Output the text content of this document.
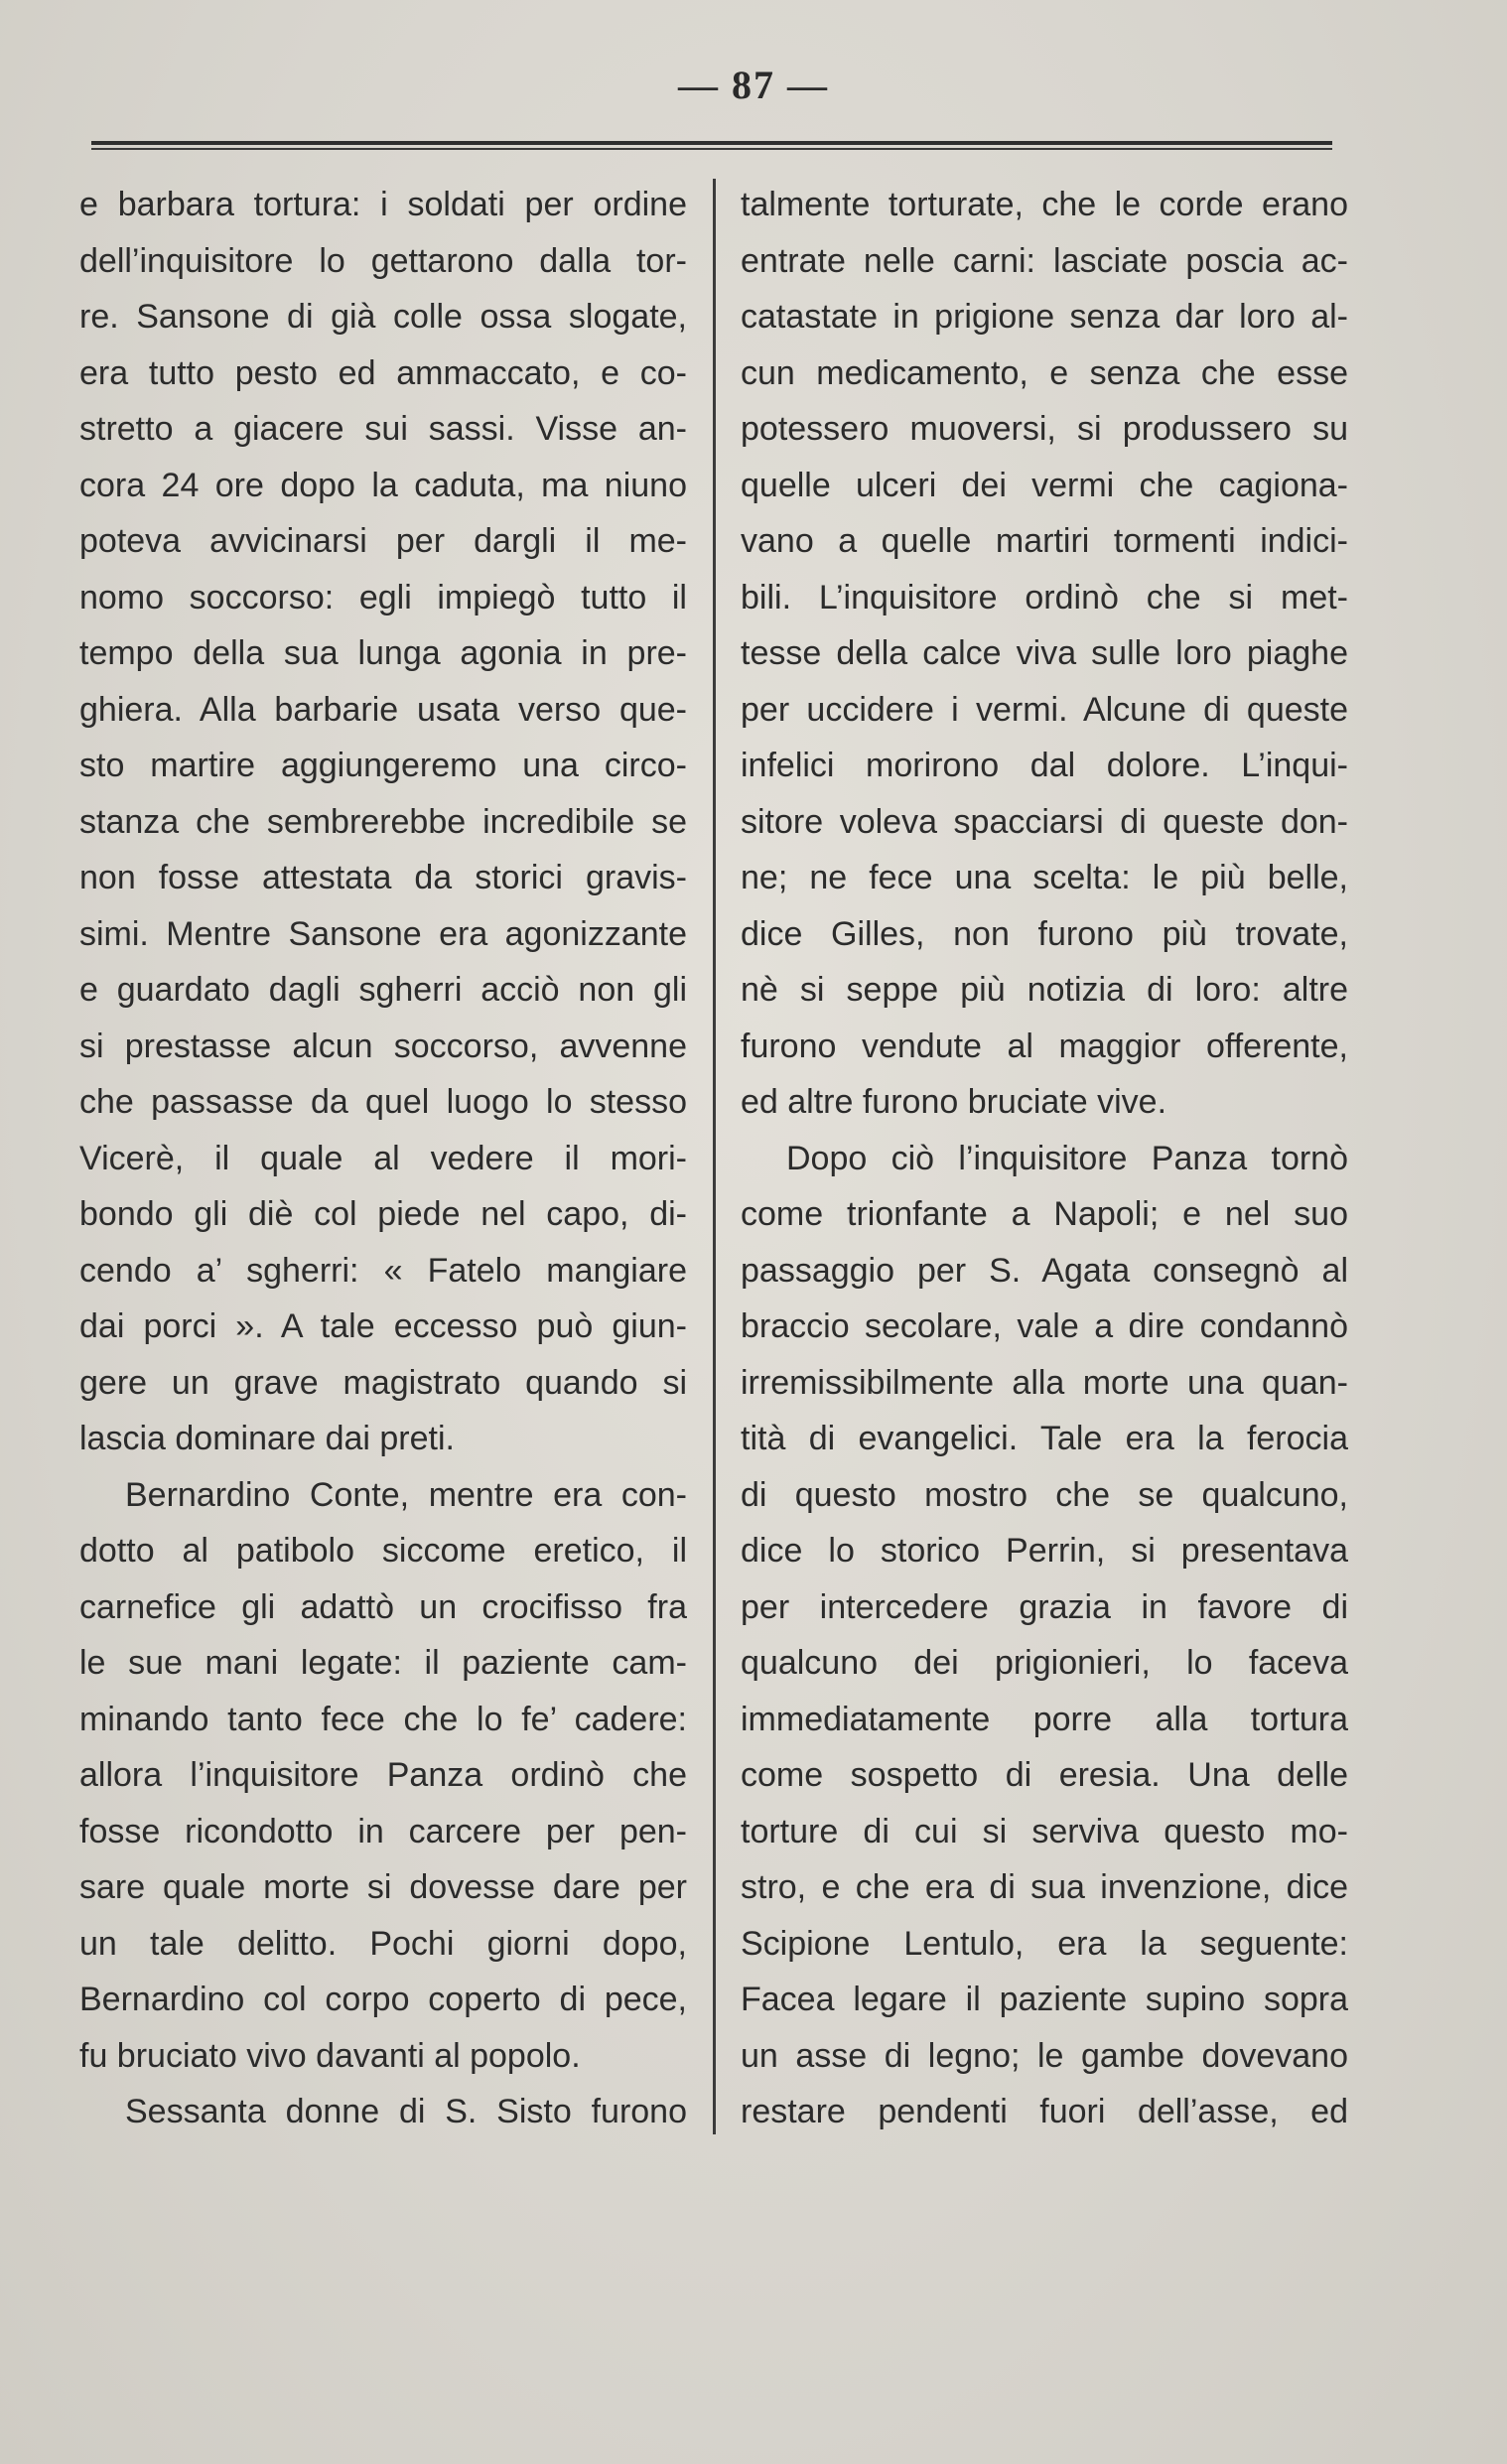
— 87 —
e barbara tortura: i soldati per ordine
dell’inquisitore lo gettarono dalla tor-
re. Sansone di già colle ossa slogate,
era tutto pesto ed ammaccato, e co-
stretto a giacere sui sassi. Visse an-
cora 24 ore dopo la caduta, ma niuno
poteva avvicinarsi per dargli il me-
nomo soccorso: egli impiegò tutto il
tempo della sua lunga agonia in pre-
ghiera. Alla barbarie usata verso que-
sto martire aggiungeremo una circo-
stanza che sembrerebbe incredibile se
non fosse attestata da storici gravis-
simi. Mentre Sansone era agonizzante
e guardato dagli sgherri acciò non gli
si prestasse alcun soccorso, avvenne
che passasse da quel luogo lo stesso
Vicerè, il quale al vedere il mori-
bondo gli diè col piede nel capo, di-
cendo a’ sgherri: « Fatelo mangiare
dai porci ». A tale eccesso può giun-
gere un grave magistrato quando si
lascia dominare dai preti.
Bernardino Conte, mentre era con-
dotto al patibolo siccome eretico, il
carnefice gli adattò un crocifisso fra
le sue mani legate: il paziente cam-
minando tanto fece che lo fe’ cadere:
allora l’inquisitore Panza ordinò che
fosse ricondotto in carcere per pen-
sare quale morte si dovesse dare per
un tale delitto. Pochi giorni dopo,
Bernardino col corpo coperto di pece,
fu bruciato vivo davanti al popolo.
Sessanta donne di S. Sisto furono
talmente torturate, che le corde erano
entrate nelle carni: lasciate poscia ac-
catastate in prigione senza dar loro al-
cun medicamento, e senza che esse
potessero muoversi, si produssero su
quelle ulceri dei vermi che cagiona-
vano a quelle martiri tormenti indici-
bili. L’inquisitore ordinò che si met-
tesse della calce viva sulle loro piaghe
per uccidere i vermi. Alcune di queste
infelici morirono dal dolore. L’inqui-
sitore voleva spacciarsi di queste don-
ne; ne fece una scelta: le più belle,
dice Gilles, non furono più trovate,
nè si seppe più notizia di loro: altre
furono vendute al maggior offerente,
ed altre furono bruciate vive.
Dopo ciò l’inquisitore Panza tornò
come trionfante a Napoli; e nel suo
passaggio per S. Agata consegnò al
braccio secolare, vale a dire condannò
irremissibilmente alla morte una quan-
tità di evangelici. Tale era la ferocia
di questo mostro che se qualcuno,
dice lo storico Perrin, si presentava
per intercedere grazia in favore di
qualcuno dei prigionieri, lo faceva
immediatamente porre alla tortura
come sospetto di eresia. Una delle
torture di cui si serviva questo mo-
stro, e che era di sua invenzione, dice
Scipione Lentulo, era la seguente:
Facea legare il paziente supino sopra
un asse di legno; le gambe dovevano
restare pendenti fuori dell’asse, ed
